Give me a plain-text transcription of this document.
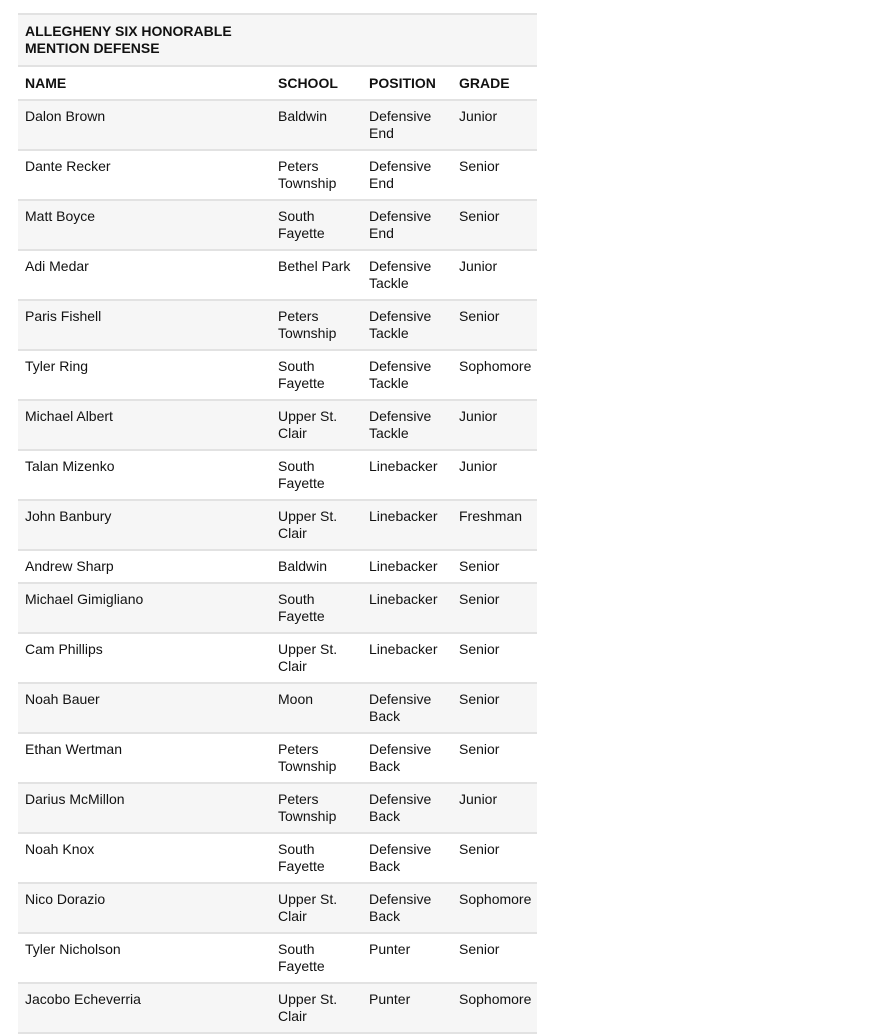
ALLEGHENY SIX HONORABLE MENTION DEFENSE			

NAME	SCHOOL	POSITION	GRADE
Dalon Brown	Baldwin	Defensive End	Junior
Dante Recker	Peters Township	Defensive End	Senior
Matt Boyce	South Fayette	Defensive End	Senior
Adi Medar	Bethel Park	Defensive Tackle	Junior
Paris Fishell	Peters Township	Defensive Tackle	Senior
Tyler Ring	South Fayette	Defensive Tackle	Sophomore
Michael Albert	Upper St. Clair	Defensive Tackle	Junior
Talan Mizenko	South Fayette	Linebacker	Junior
John Banbury	Upper St. Clair	Linebacker	Freshman
Andrew Sharp	Baldwin	Linebacker	Senior
Michael Gimigliano	South Fayette	Linebacker	Senior
Cam Phillips	Upper St. Clair	Linebacker	Senior
Noah Bauer	Moon	Defensive Back	Senior
Ethan Wertman	Peters Township	Defensive Back	Senior
Darius McMillon	Peters Township	Defensive Back	Junior
Noah Knox	South Fayette	Defensive Back	Senior
Nico Dorazio	Upper St. Clair	Defensive Back	Sophomore
Tyler Nicholson	South Fayette	Punter	Senior
Jacobo Echeverria	Upper St. Clair	Punter	Sophomore
